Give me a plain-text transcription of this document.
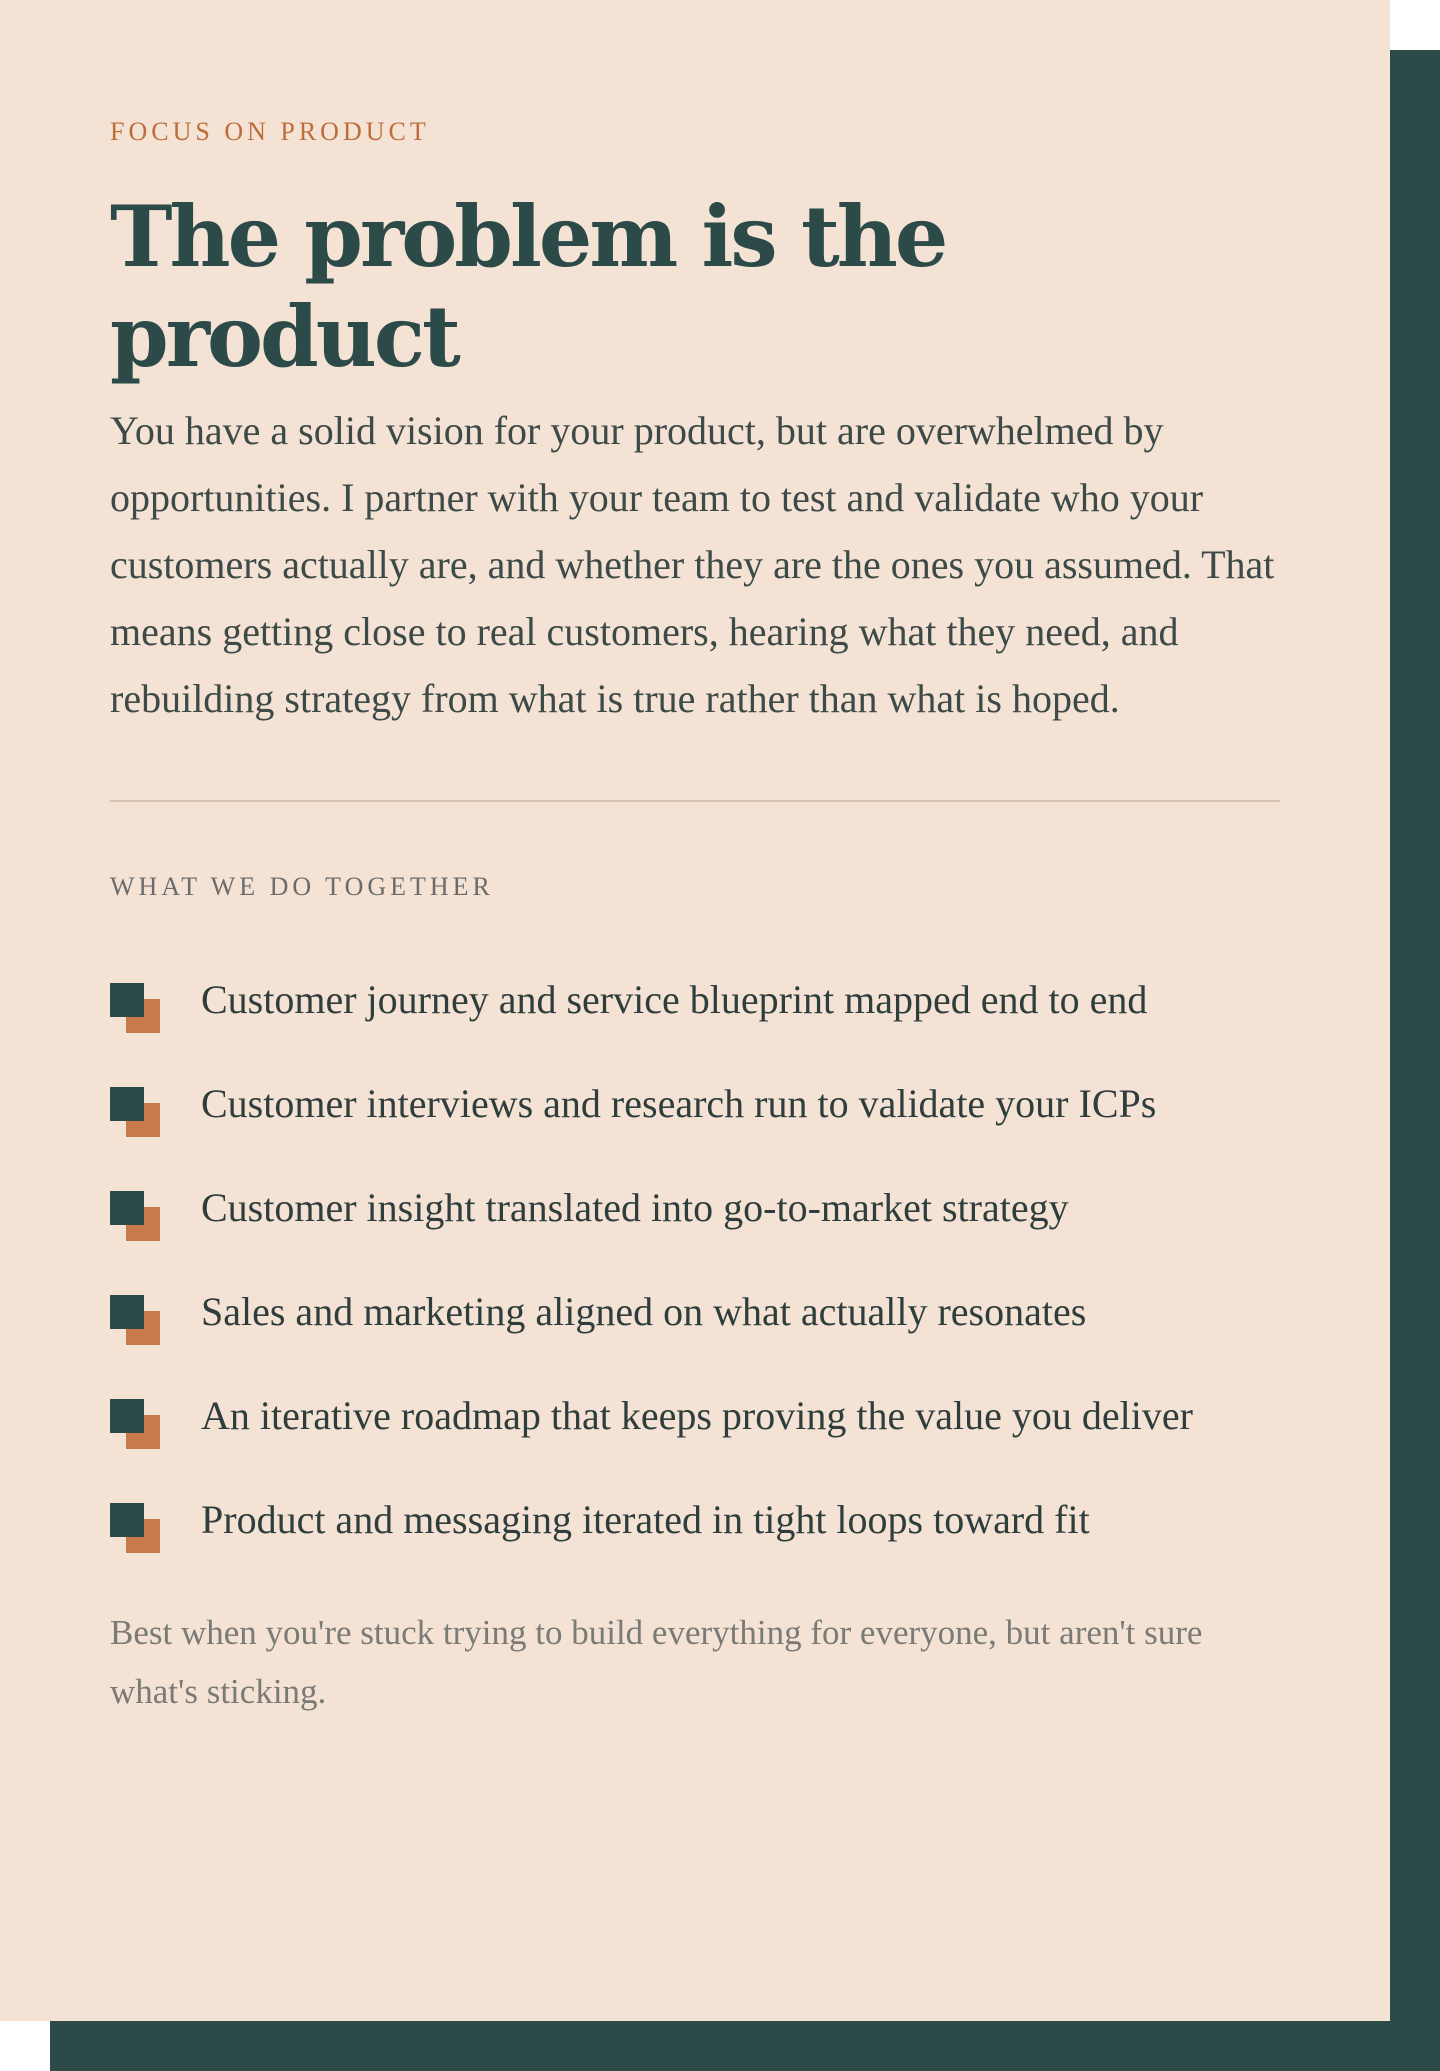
FOCUS ON PRODUCT
The problem is the product

You have a solid vision for your product, but are overwhelmed by opportunities. I partner with your team to test and validate who your customers actually are, and whether they are the ones you assumed. That means getting close to real customers, hearing what they need, and rebuilding strategy from what is true rather than what is hoped.

WHAT WE DO TOGETHER
Customer journey and service blueprint mapped end to end
Customer interviews and research run to validate your ICPs
Customer insight translated into go-to-market strategy
Sales and marketing aligned on what actually resonates
An iterative roadmap that keeps proving the value you deliver
Product and messaging iterated in tight loops toward fit

Best when you're stuck trying to build everything for everyone, but aren't sure what's sticking.
